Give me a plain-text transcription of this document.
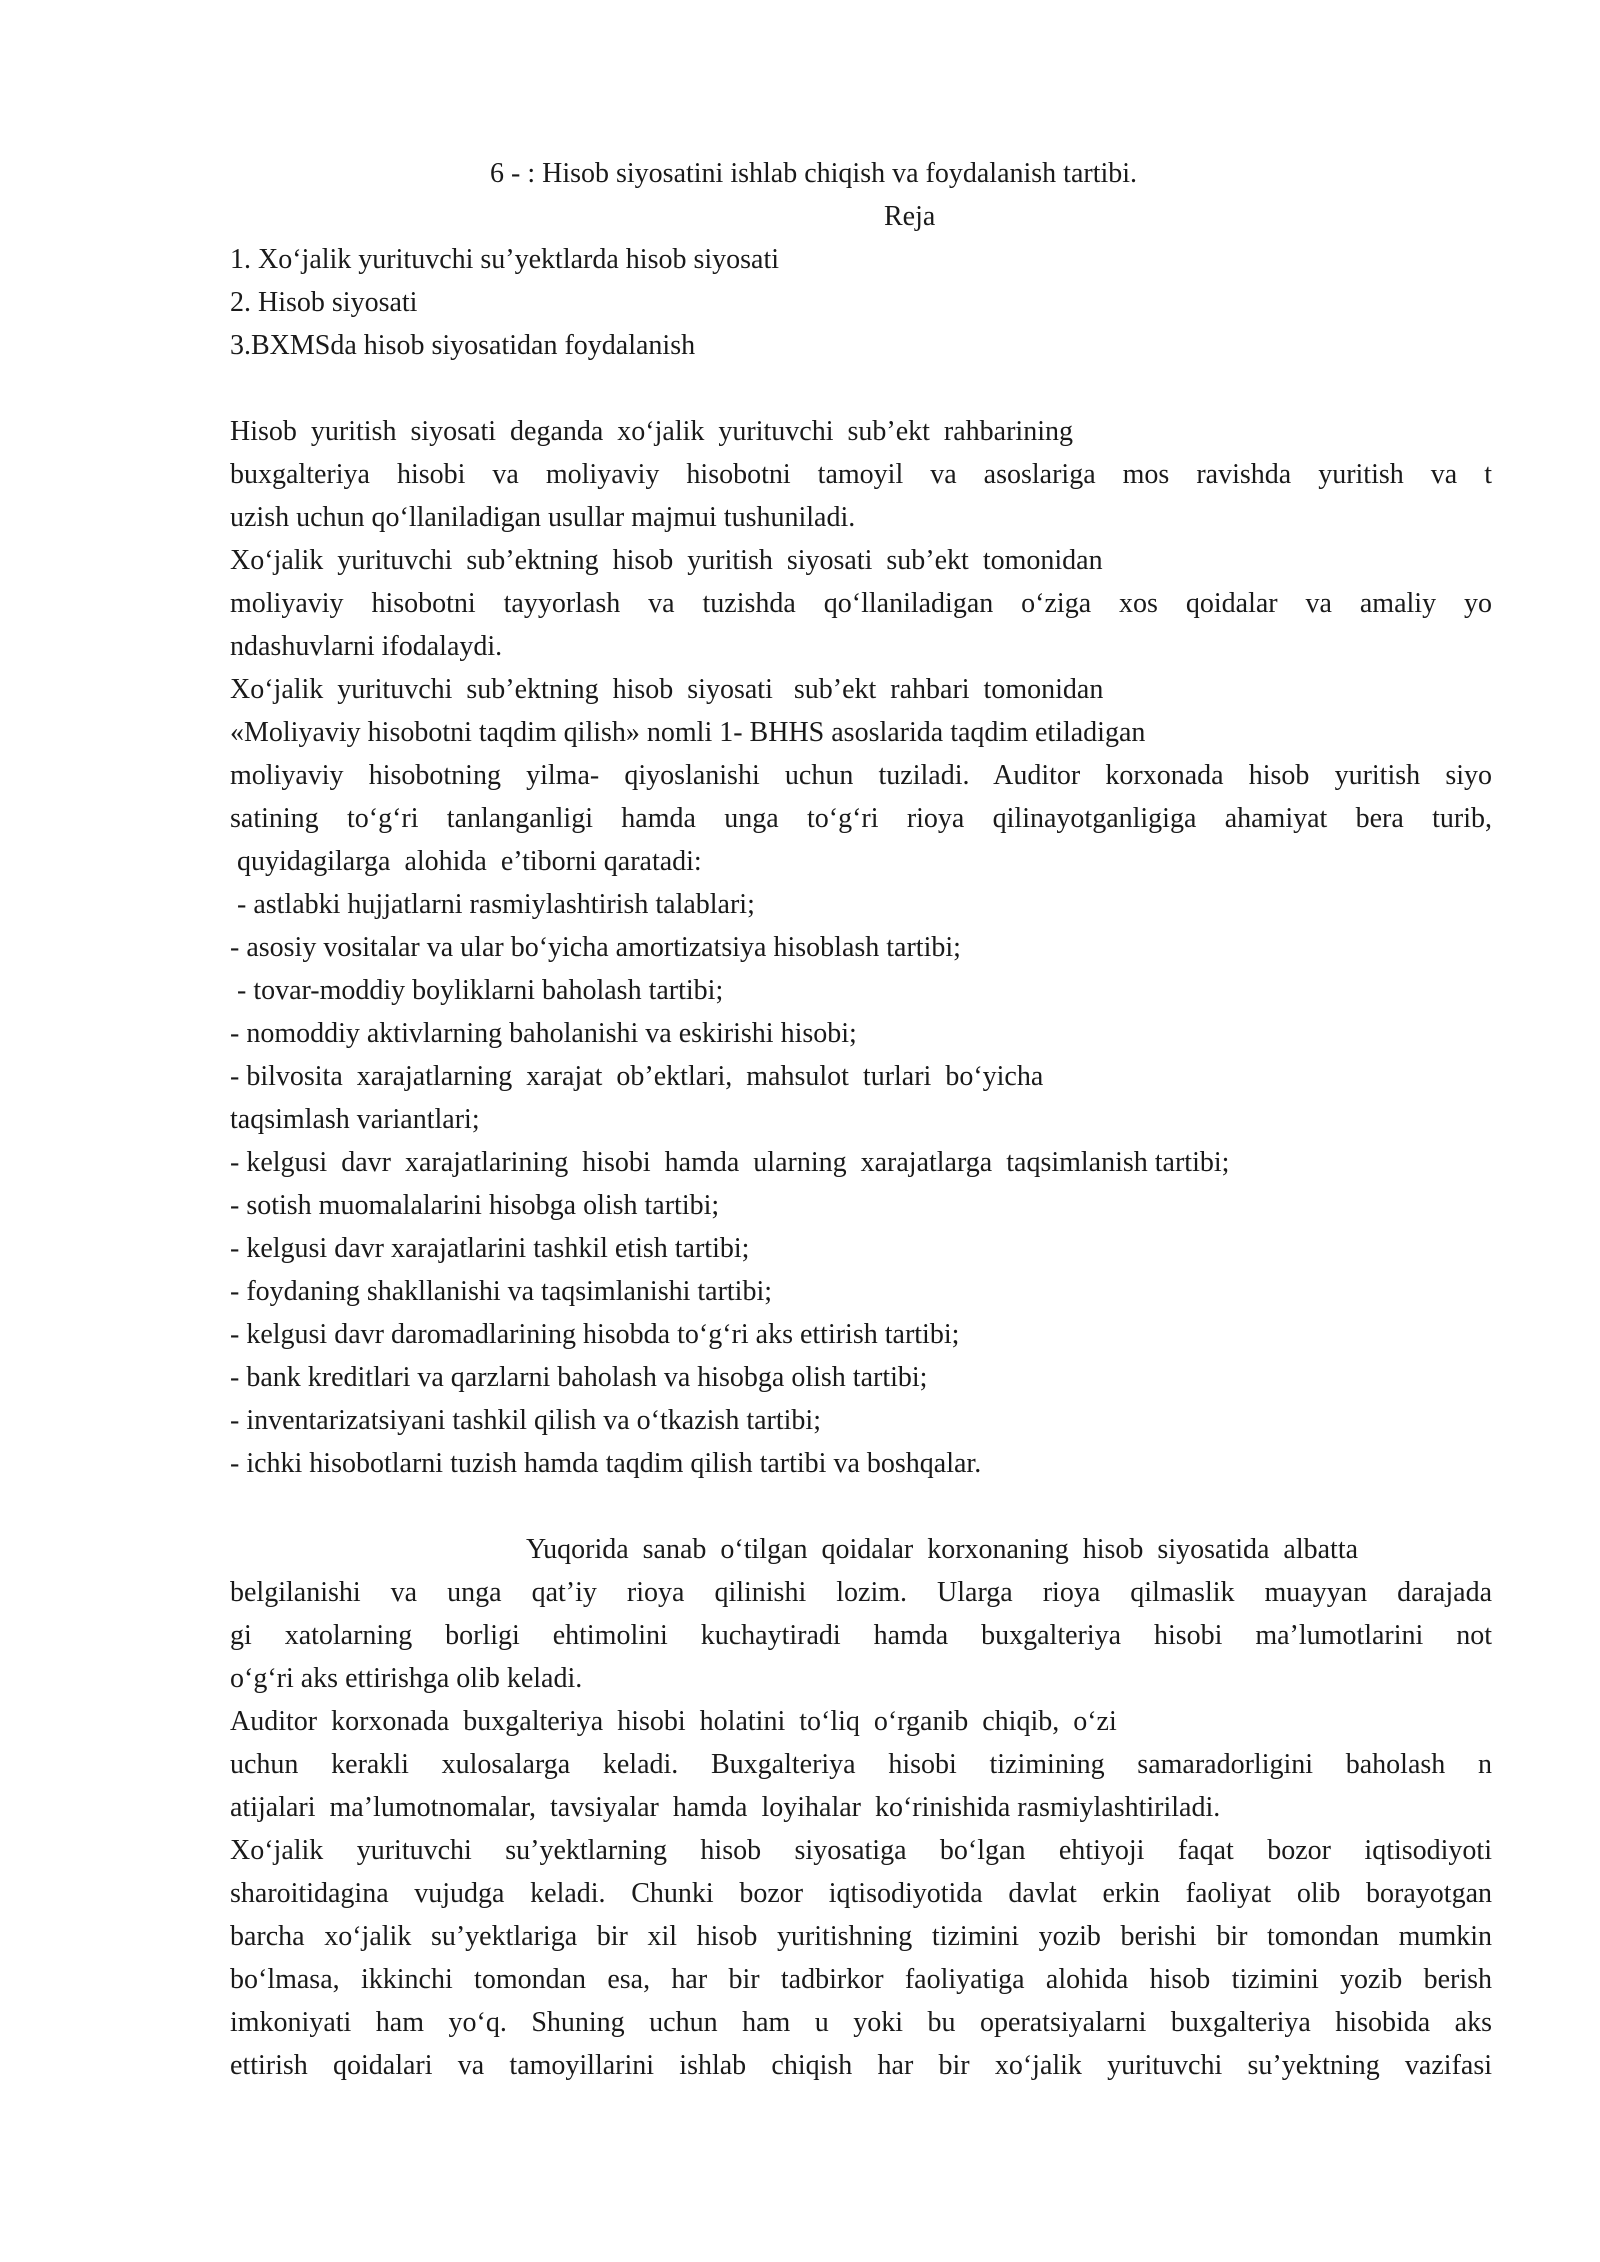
6 - : Hisob siyosatini ishlab chiqish va foydalanish tartibi.

Reja

1. Xo‘jalik yurituvchi su’yektlarda hisob siyosati

2. Hisob siyosati

3.BXMSda hisob siyosatidan foydalanish

Hisob  yuritish  siyosati  deganda  xo‘jalik  yurituvchi  sub’ekt  rahbarining

buxgalteriya hisobi va moliyaviy hisobotni tamoyil va asoslariga mos ravishda yuritish va t

uzish uchun qo‘llaniladigan usullar majmui tushuniladi.

Xo‘jalik  yurituvchi  sub’ektning  hisob  yuritish  siyosati  sub’ekt  tomonidan

moliyaviy hisobotni tayyorlash va tuzishda qo‘llaniladigan o‘ziga xos qoidalar va amaliy yo

ndashuvlarni ifodalaydi.

Xo‘jalik  yurituvchi  sub’ektning  hisob  siyosati   sub’ekt  rahbari  tomonidan

«Moliyaviy hisobotni taqdim qilish» nomli 1- BHHS asoslarida taqdim etiladigan

moliyaviy hisobotning yilma- qiyoslanishi uchun tuziladi. Auditor korxonada hisob yuritish siyo

satining to‘g‘ri tanlanganligi hamda unga to‘g‘ri rioya qilinayotganligiga ahamiyat bera turib,

quyidagilarga  alohida  e’tiborni qaratadi:

- astlabki hujjatlarni rasmiylashtirish talablari;

- asosiy vositalar va ular bo‘yicha amortizatsiya hisoblash tartibi;

- tovar-moddiy boyliklarni baholash tartibi;

- nomoddiy aktivlarning baholanishi va eskirishi hisobi;

- bilvosita  xarajatlarning  xarajat  ob’ektlari,  mahsulot  turlari  bo‘yicha

taqsimlash variantlari;

- kelgusi  davr  xarajatlarining  hisobi  hamda  ularning  xarajatlarga  taqsimlanish tartibi;

- sotish muomalalarini hisobga olish tartibi;

- kelgusi davr xarajatlarini tashkil etish tartibi;

- foydaning shakllanishi va taqsimlanishi tartibi;

- kelgusi davr daromadlarining hisobda to‘g‘ri aks ettirish tartibi;

- bank kreditlari va qarzlarni baholash va hisobga olish tartibi;

- inventarizatsiyani tashkil qilish va o‘tkazish tartibi;

- ichki hisobotlarni tuzish hamda taqdim qilish tartibi va boshqalar.

Yuqorida  sanab  o‘tilgan  qoidalar  korxonaning  hisob  siyosatida  albatta

belgilanishi va unga qat’iy rioya qilinishi lozim. Ularga rioya qilmaslik muayyan darajada

gi xatolarning borligi ehtimolini kuchaytiradi hamda buxgalteriya hisobi ma’lumotlarini not

o‘g‘ri aks ettirishga olib keladi.

Auditor  korxonada  buxgalteriya  hisobi  holatini  to‘liq  o‘rganib  chiqib,  o‘zi

uchun kerakli xulosalarga keladi. Buxgalteriya hisobi tizimining samaradorligini baholash n

atijalari  ma’lumotnomalar,  tavsiyalar  hamda  loyihalar  ko‘rinishida rasmiylashtiriladi.

Xo‘jalik yurituvchi su’yektlarning hisob siyosatiga bo‘lgan ehtiyoji faqat bozor iqtisodiyoti

sharoitidagina vujudga keladi. Chunki bozor iqtisodiyotida davlat erkin faoliyat olib borayotgan

barcha xo‘jalik su’yektlariga bir xil hisob yuritishning tizimini yozib berishi bir tomondan mumkin

bo‘lmasa, ikkinchi tomondan esa, har bir tadbirkor faoliyatiga alohida hisob tizimini yozib berish

imkoniyati ham yo‘q. Shuning uchun ham u yoki bu operatsiyalarni buxgalteriya hisobida aks

ettirish qoidalari va tamoyillarini ishlab chiqish har bir xo‘jalik yurituvchi su’yektning vazifasi
